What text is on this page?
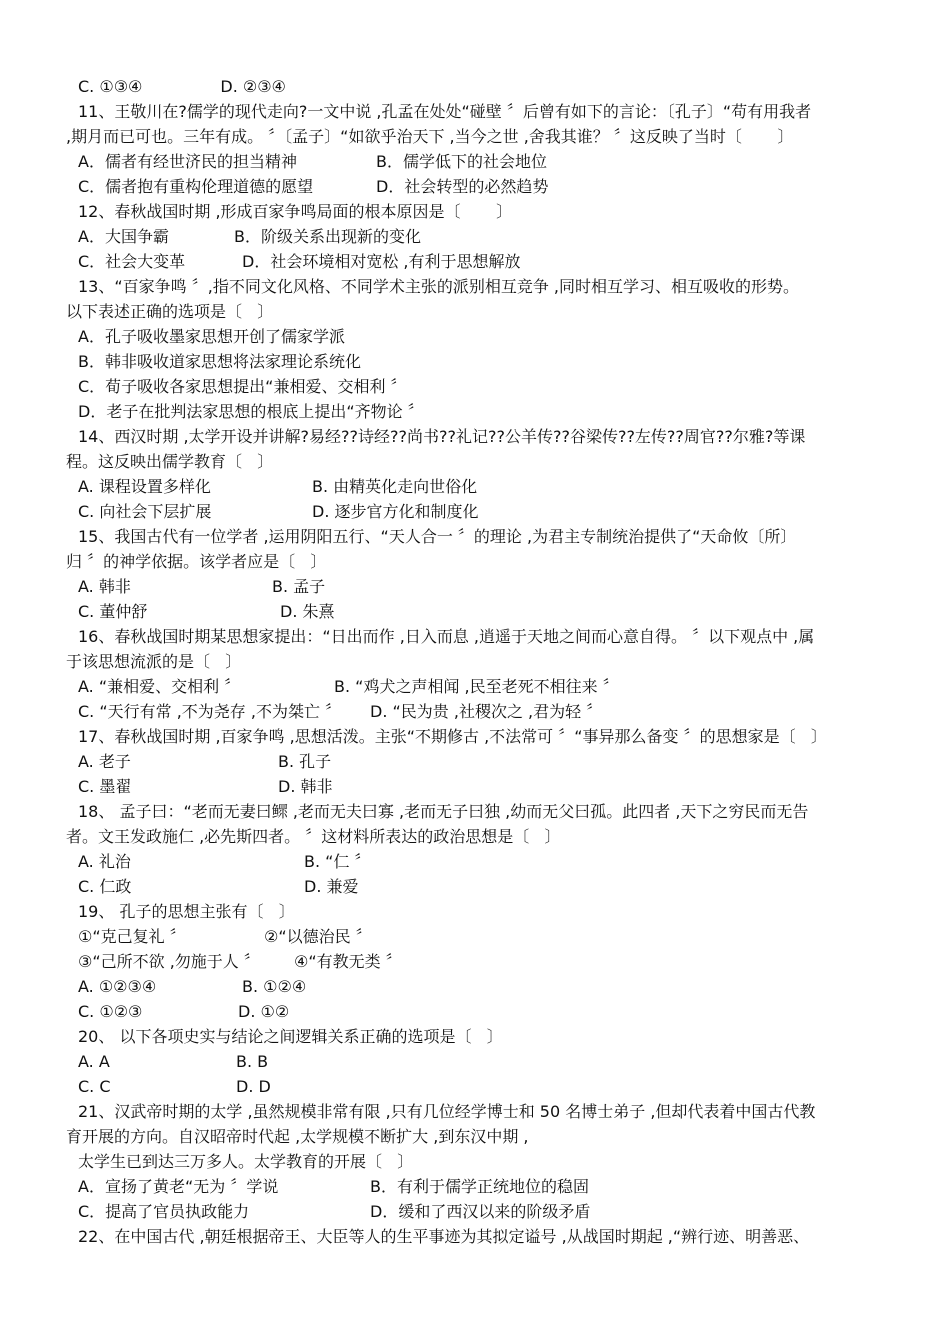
C. ①③④	D. ②③④
11、王敬川在?儒学的现代走向?一文中说 ,孔孟在处处“碰壁 〞后曾有如下的言论：〔孔子〕“苟有用我者
,期月而已可也。三年有成。 〞〔孟子〕“如欲乎治天下 ,当今之世 ,舍我其谁？ 〞这反映了当时〔       〕
A．儒者有经世济民的担当精神	B．儒学低下的社会地位
C．儒者抱有重构伦理道德的愿望	D．社会转型的必然趋势
12、春秋战国时期 ,形成百家争鸣局面的根本原因是〔       〕
A．大国争霸	B．阶级关系出现新的变化
C．社会大变革	D．社会环境相对宽松 ,有利于思想解放
13、“百家争鸣 〞,指不同文化风格、不同学术主张的派别相互竞争 ,同时相互学习、相互吸收的形势。
以下表述正确的选项是〔   〕
A．孔子吸收墨家思想开创了儒家学派
B．韩非吸收道家思想将法家理论系统化
C．荀子吸收各家思想提出“兼相爱、交相利 〞
D．老子在批判法家思想的根底上提出“齐物论 〞
14、西汉时期 ,太学开设并讲解?易经??诗经??尚书??礼记??公羊传??谷梁传??左传??周官??尔雅?等课
程。这反映出儒学教育〔   〕
A. 课程设置多样化	B. 由精英化走向世俗化
C. 向社会下层扩展	D. 逐步官方化和制度化
15、我国古代有一位学者 ,运用阴阳五行、“天人合一 〞的理论 ,为君主专制统治提供了“天命攸〔所〕
归 〞的神学依据。该学者应是〔   〕
A. 韩非	B. 孟子
C. 董仲舒	D. 朱熹
16、春秋战国时期某思想家提出：“日出而作 ,日入而息 ,逍遥于天地之间而心意自得。 〞以下观点中 ,属
于该思想流派的是〔   〕
A. “兼相爱、交相利 〞	B. “鸡犬之声相闻 ,民至老死不相往来 〞
C. “天行有常 ,不为尧存 ,不为桀亡 〞 D. “民为贵 ,社稷次之 ,君为轻 〞
17、春秋战国时期 ,百家争鸣 ,思想活泼。主张“不期修古 ,不法常可 〞“事异那么备变 〞的思想家是〔   〕
A. 老子	B. 孔子
C. 墨翟	D. 韩非
18、 孟子曰：“老而无妻曰鳏 ,老而无夫曰寡 ,老而无子曰独 ,幼而无父曰孤。此四者 ,天下之穷民而无告
者。文王发政施仁 ,必先斯四者。 〞这材料所表达的政治思想是〔   〕
A. 礼治	B. “仁 〞
C. 仁政	D. 兼爱
19、 孔子的思想主张有〔   〕
①“克己复礼 〞	②“以德治民 〞
③“己所不欲 ,勿施于人 〞 ④“有教无类 〞
A. ①②③④	B. ①②④
C. ①②③	D. ①②
20、 以下各项史实与结论之间逻辑关系正确的选项是〔   〕
A. A	B. B
C. C	D. D
21、汉武帝时期的太学 ,虽然规模非常有限 ,只有几位经学博士和 50 名博士弟子 ,但却代表着中国古代教
育开展的方向。自汉昭帝时代起 ,太学规模不断扩大 ,到东汉中期 ,
太学生已到达三万多人。太学教育的开展〔   〕
A．宣扬了黄老“无为 〞学说	B．有利于儒学正统地位的稳固
C．提高了官员执政能力	D．缓和了西汉以来的阶级矛盾
22、在中国古代 ,朝廷根据帝王、大臣等人的生平事迹为其拟定谥号 ,从战国时期起 ,“辨行迹、明善恶、
